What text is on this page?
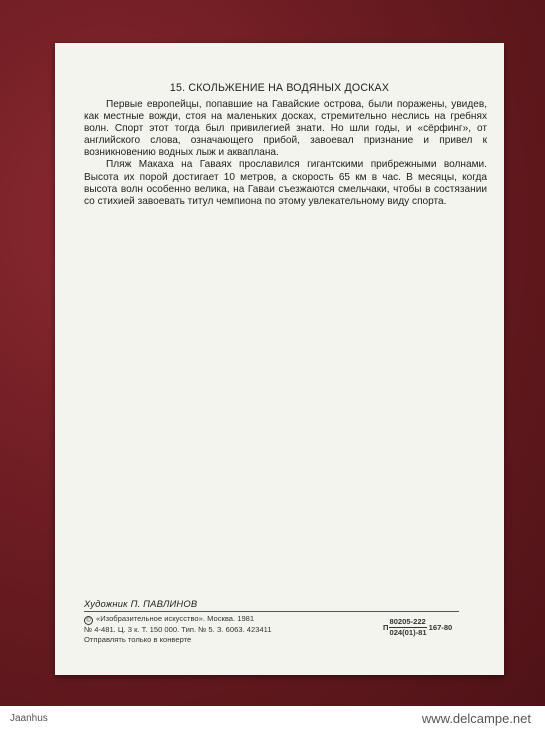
15. СКОЛЬЖЕНИЕ НА ВОДЯНЫХ ДОСКАХ

Первые европейцы, попавшие на Гавайские острова, были поражены, увидев, как местные вожди, стоя на маленьких досках, стремительно неслись на гребнях волн. Спорт этот тогда был привилегией знати. Но шли годы, и «сёрфинг», от английского слова, означающего прибой, завоевал признание и привел к возникновению водных лыж и акваплана.

Пляж Макаха на Гаваях прославился гигантскими прибрежными волнами. Высота их порой достигает 10 метров, а скорость 65 км в час. В месяцы, когда высота волн особенно велика, на Гаваи съезжаются смельчаки, чтобы в состязании со стихией завоевать титул чемпиона по этому увлекательному виду спорта.

Художник П. ПАВЛИНОВ
© «Изобразительное искусство». Москва. 1981
№ 4-481. Ц. 3 к. Т. 150 000. Тип. № 5. З. 6063. 423411
Отправлять только в конверте
П $\frac{80205-222}{024(01)-81} 167-80$
Jaanhus	www.delcampe.net
